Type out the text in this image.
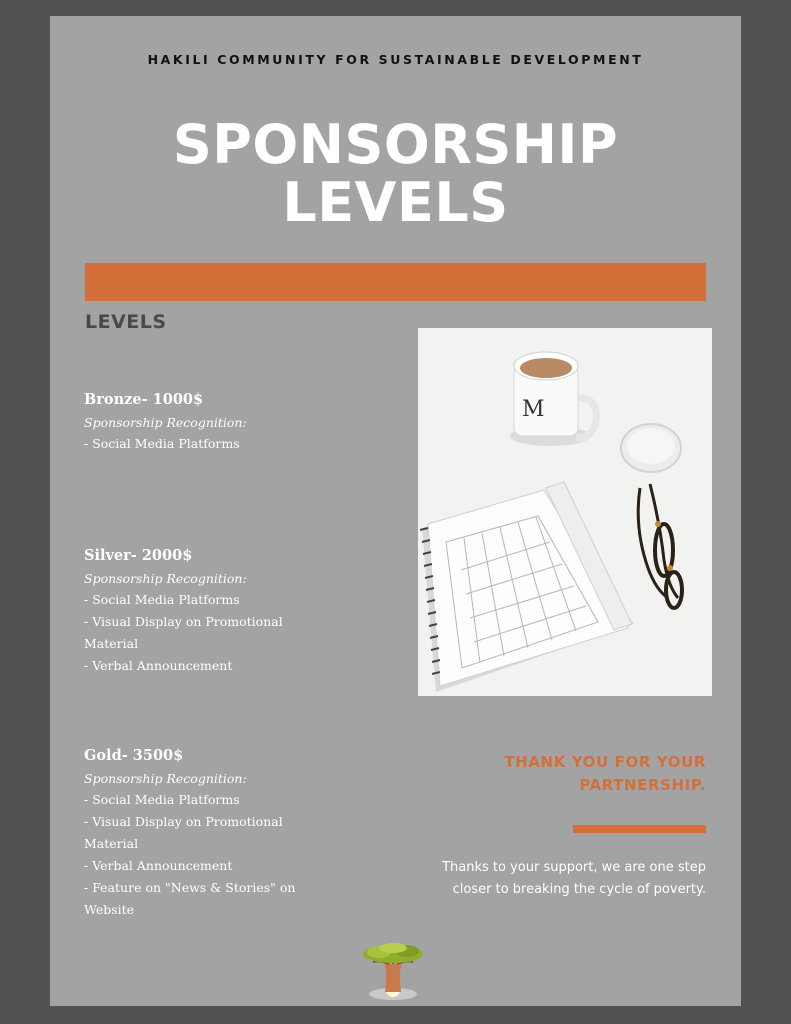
HAKILI COMMUNITY FOR SUSTAINABLE DEVELOPMENT
SPONSORSHIP
LEVELS
LEVELS
Bronze- 1000$
Sponsorship Recognition:
- Social Media Platforms
Silver- 2000$
Sponsorship Recognition:
- Social Media Platforms
- Visual Display on Promotional Material
- Verbal Announcement
Gold- 3500$
Sponsorship Recognition:
- Social Media Platforms
- Visual Display on Promotional Material
- Verbal Announcement
- Feature on "News & Stories" on Website
M
THANK YOU FOR YOUR PARTNERSHIP.
Thanks to your support, we are one step closer to breaking the cycle of poverty.
